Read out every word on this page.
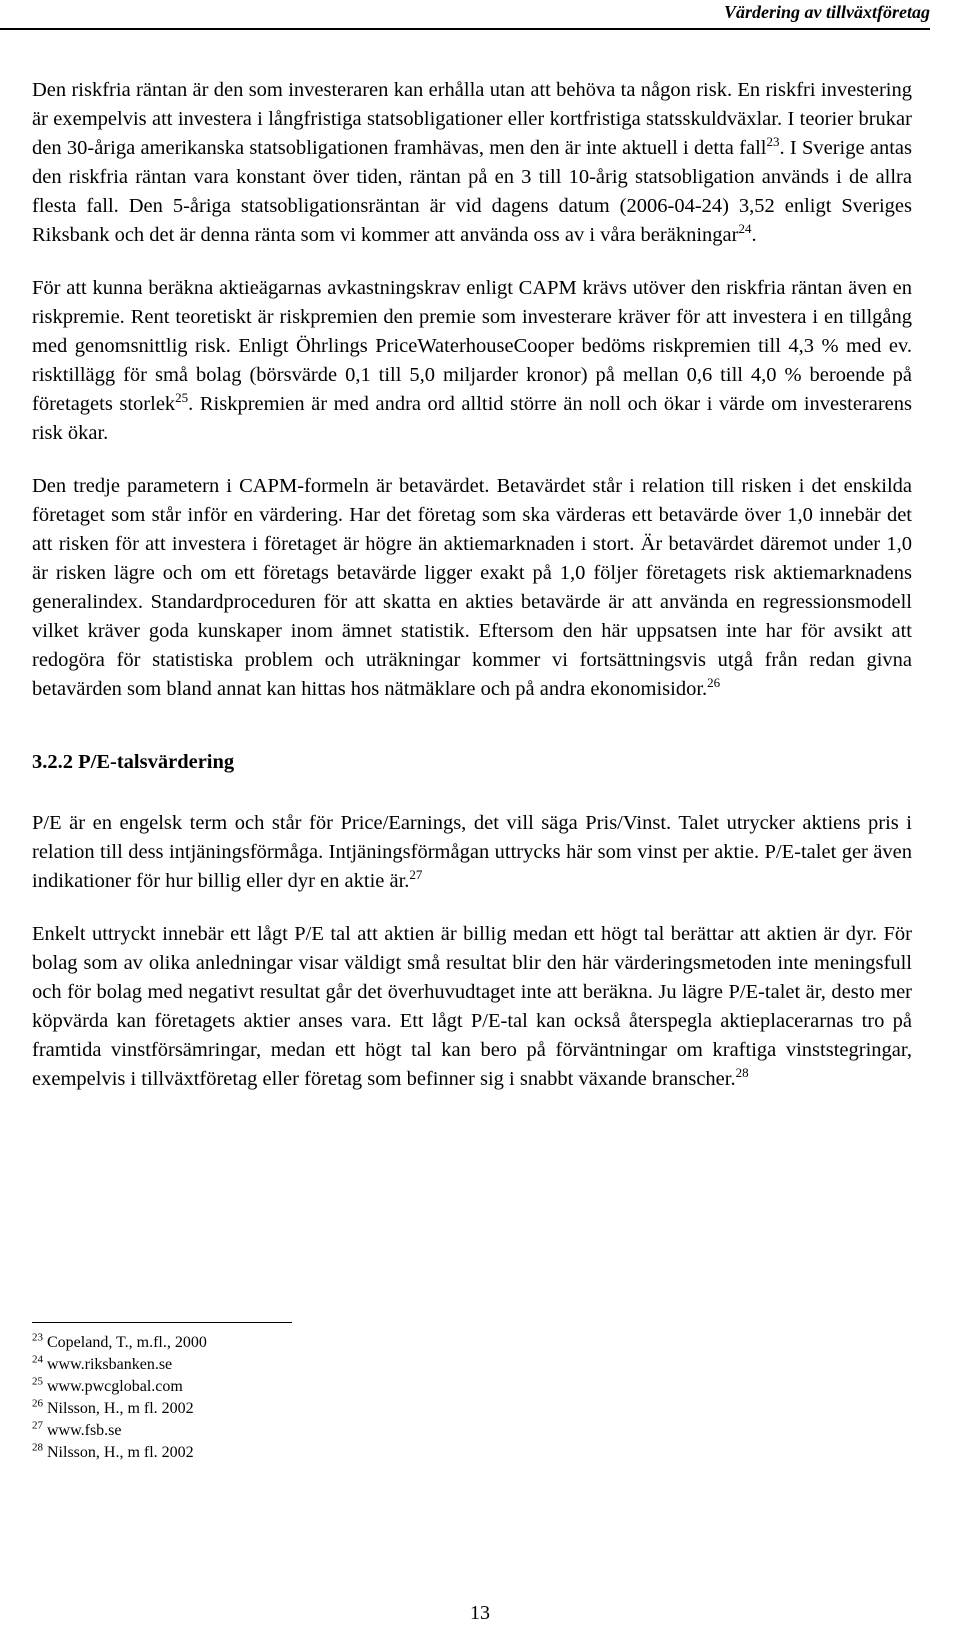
Värdering av tillväxtföretag

Den riskfria räntan är den som investeraren kan erhålla utan att behöva ta någon risk. En riskfri investering är exempelvis att investera i långfristiga statsobligationer eller kortfristiga statsskuldväxlar. I teorier brukar den 30-åriga amerikanska statsobligationen framhävas, men den är inte aktuell i detta fall$^{23}$. I Sverige antas den riskfria räntan vara konstant över tiden, räntan på en 3 till 10-årig statsobligation används i de allra flesta fall. Den 5-åriga statsobligationsräntan är vid dagens datum (2006-04-24) 3,52 enligt Sveriges Riksbank och det är denna ränta som vi kommer att använda oss av i våra beräkningar$^{24}$.

För att kunna beräkna aktieägarnas avkastningskrav enligt CAPM krävs utöver den riskfria räntan även en riskpremie. Rent teoretiskt är riskpremien den premie som investerare kräver för att investera i en tillgång med genomsnittlig risk. Enligt Öhrlings PriceWaterhouseCooper bedöms riskpremien till 4,3 % med ev. risktillägg för små bolag (börsvärde 0,1 till 5,0 miljarder kronor) på mellan 0,6 till 4,0 % beroende på företagets storlek$^{25}$. Riskpremien är med andra ord alltid större än noll och ökar i värde om investerarens risk ökar.

Den tredje parametern i CAPM-formeln är betavärdet. Betavärdet står i relation till risken i det enskilda företaget som står inför en värdering. Har det företag som ska värderas ett betavärde över 1,0 innebär det att risken för att investera i företaget är högre än aktiemarknaden i stort. Är betavärdet däremot under 1,0 är risken lägre och om ett företags betavärde ligger exakt på 1,0 följer företagets risk aktiemarknadens generalindex. Standardproceduren för att skatta en akties betavärde är att använda en regressionsmodell vilket kräver goda kunskaper inom ämnet statistik. Eftersom den här uppsatsen inte har för avsikt att redogöra för statistiska problem och uträkningar kommer vi fortsättningsvis utgå från redan givna betavärden som bland annat kan hittas hos nätmäklare och på andra ekonomisidor.$^{26}$

3.2.2 P/E-talsvärdering

P/E är en engelsk term och står för Price/Earnings, det vill säga Pris/Vinst. Talet utrycker aktiens pris i relation till dess intjäningsförmåga. Intjäningsförmågan uttrycks här som vinst per aktie. P/E-talet ger även indikationer för hur billig eller dyr en aktie är.$^{27}$

Enkelt uttryckt innebär ett lågt P/E tal att aktien är billig medan ett högt tal berättar att aktien är dyr. För bolag som av olika anledningar visar väldigt små resultat blir den här värderingsmetoden inte meningsfull och för bolag med negativt resultat går det överhuvudtaget inte att beräkna. Ju lägre P/E-talet är, desto mer köpvärda kan företagets aktier anses vara. Ett lågt P/E-tal kan också återspegla aktieplacerarnas tro på framtida vinstförsämringar, medan ett högt tal kan bero på förväntningar om kraftiga vinststegringar, exempelvis i tillväxtföretag eller företag som befinner sig i snabbt växande branscher.$^{28}$

$^{23}$ Copeland, T., m.fl., 2000
$^{24}$ www.riksbanken.se
$^{25}$ www.pwcglobal.com
$^{26}$ Nilsson, H., m fl. 2002
$^{27}$ www.fsb.se
$^{28}$ Nilsson, H., m fl. 2002
13
